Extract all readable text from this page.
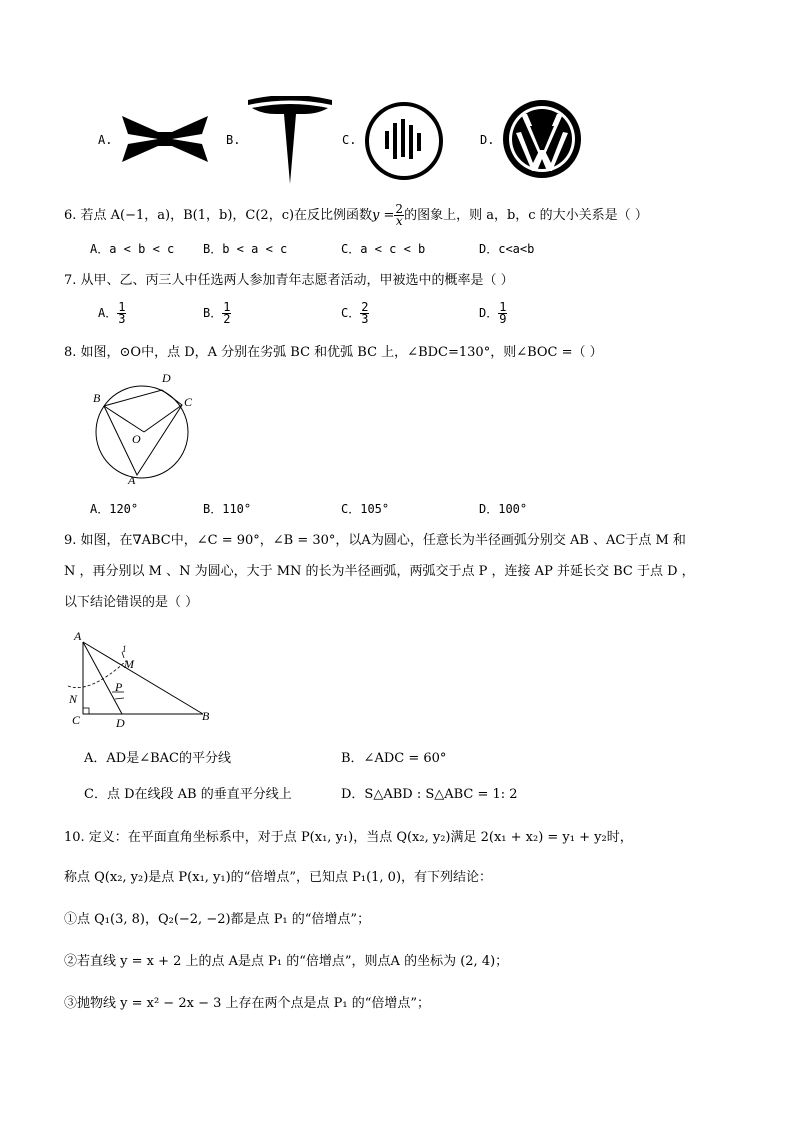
A.	B.	C.	D.
6. 若点 A(−1，a)，B(1，b)，C(2，c)在反比例函数$y = \frac{2}{x}$ 的图象上，则 a，b，c 的大小关系是（ ）
A．a < b < c B．b < a < c	C．a < c < b	D．c<a<b
7. 从甲、乙、丙三人中任选两人参加青年志愿者活动，甲被选中的概率是（ ）
A． $\frac{1}{3}$	B． $\frac{1}{2}$	C． $\frac{2}{3}$	D． $\frac{1}{9}$
8. 如图，⊙O中，点 D，A 分别在劣弧 BC 和优弧 BC 上，∠BDC=130°，则∠BOC =（ ）
B
D
C
O
A
A．120°	B．110°	C．105°	D．100°
9. 如图，在∇ABC中，∠C = 90°，∠B = 30°，以A为圆心，任意长为半径画弧分别交 AB 、AC于点 M 和
N ，再分别以 M 、N 为圆心，大于 MN 的长为半径画弧，两弧交于点 P ，连接 AP 并延长交 BC 于点 D ，
以下结论错误的是（ ）
A
1
M
P
N
C	D	B
A．AD是∠BAC的平分线	B．∠ADC = 60°
C．点 D在线段 AB 的垂直平分线上	D．S△ABD : S△ABC = 1: 2
10. 定义：在平面直角坐标系中，对于点 P(x₁, y₁)，当点 Q(x₂, y₂)满足 2(x₁ + x₂) = y₁ + y₂时，
称点 Q(x₂, y₂)是点 P(x₁, y₁)的“倍增点”，已知点 P₁(1, 0)，有下列结论：
①点 Q₁(3, 8)，Q₂(−2, −2)都是点 P₁ 的“倍增点”；
②若直线 y = x + 2 上的点 A是点 P₁ 的“倍增点”，则点A 的坐标为 (2, 4)；
③抛物线 y = x² − 2x − 3 上存在两个点是点 P₁ 的“倍增点”；
